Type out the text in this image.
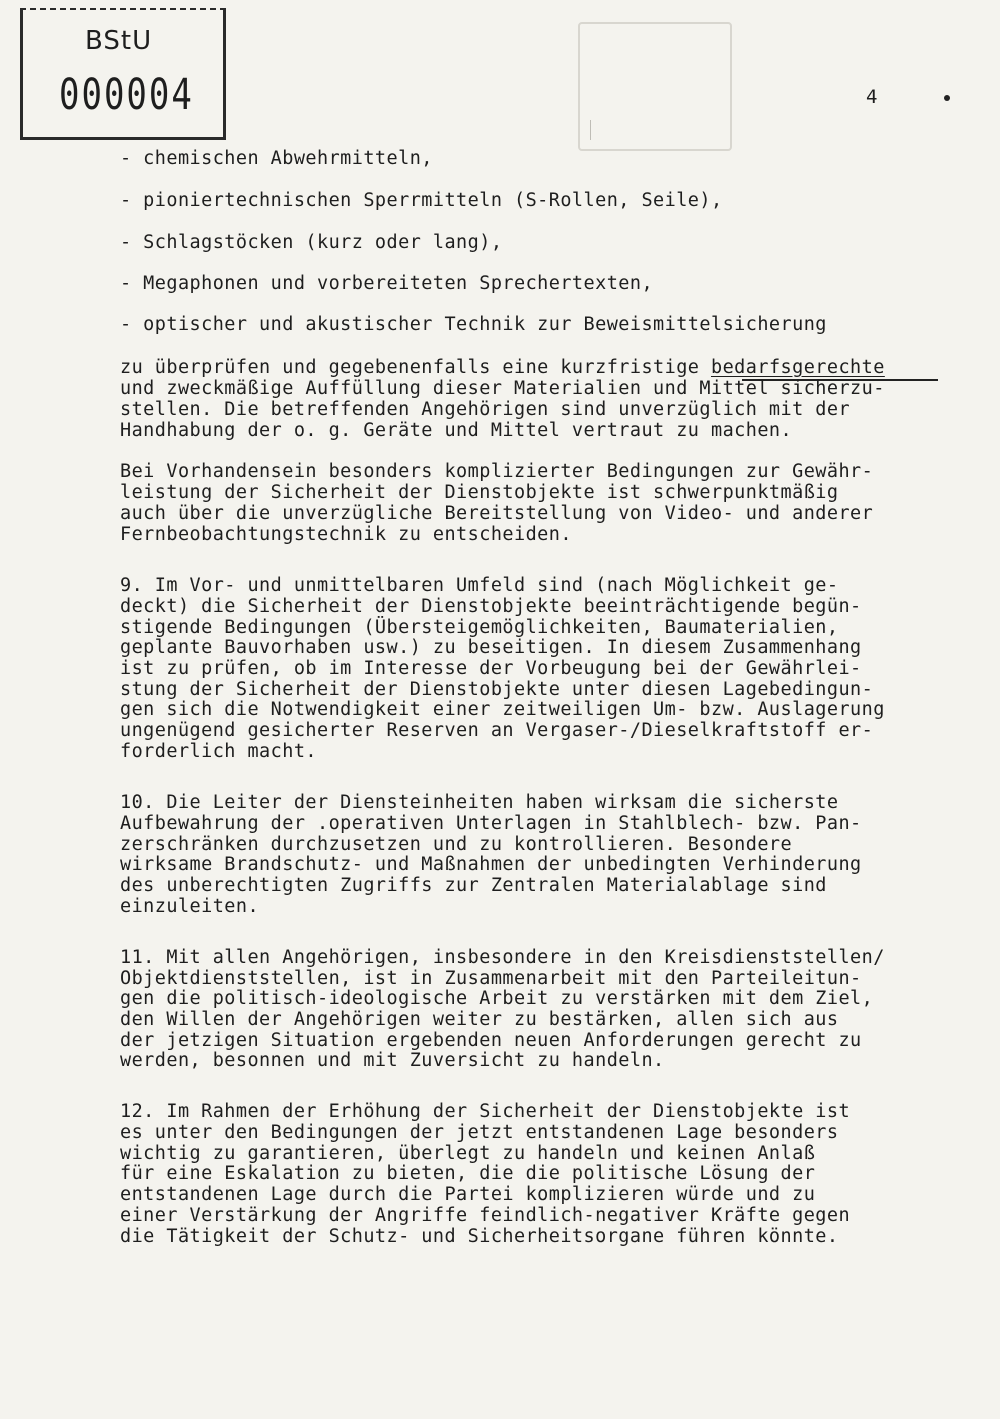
BStU
000004	4
- chemischen Abwehrmitteln,
- pioniertechnischen Sperrmitteln (S-Rollen, Seile),
- Schlagstöcken (kurz oder lang),
- Megaphonen und vorbereiteten Sprechertexten,
- optischer und akustischer Technik zur Beweismittelsicherung
zu überprüfen und gegebenenfalls eine kurzfristige bedarfsgerechte
und zweckmäßige Auffüllung dieser Materialien und Mittel sicherzu-
stellen. Die betreffenden Angehörigen sind unverzüglich mit der
Handhabung der o. g. Geräte und Mittel vertraut zu machen.
Bei Vorhandensein besonders komplizierter Bedingungen zur Gewähr-
leistung der Sicherheit der Dienstobjekte ist schwerpunktmäßig
auch über die unverzügliche Bereitstellung von Video- und anderer
Fernbeobachtungstechnik zu entscheiden.
9. Im Vor- und unmittelbaren Umfeld sind (nach Möglichkeit ge-
deckt) die Sicherheit der Dienstobjekte beeinträchtigende begün-
stigende Bedingungen (Übersteigemöglichkeiten, Baumaterialien,
geplante Bauvorhaben usw.) zu beseitigen. In diesem Zusammenhang
ist zu prüfen, ob im Interesse der Vorbeugung bei der Gewährlei-
stung der Sicherheit der Dienstobjekte unter diesen Lagebedingun-
gen sich die Notwendigkeit einer zeitweiligen Um- bzw. Auslagerung
ungenügend gesicherter Reserven an Vergaser-/Dieselkraftstoff er-
forderlich macht.
10. Die Leiter der Diensteinheiten haben wirksam die sicherste
Aufbewahrung der .operativen Unterlagen in Stahlblech- bzw. Pan-
zerschränken durchzusetzen und zu kontrollieren. Besondere
wirksame Brandschutz- und Maßnahmen der unbedingten Verhinderung
des unberechtigten Zugriffs zur Zentralen Materialablage sind
einzuleiten.
11. Mit allen Angehörigen, insbesondere in den Kreisdienststellen/
Objektdienststellen, ist in Zusammenarbeit mit den Parteileitun-
gen die politisch-ideologische Arbeit zu verstärken mit dem Ziel,
den Willen der Angehörigen weiter zu bestärken, allen sich aus
der jetzigen Situation ergebenden neuen Anforderungen gerecht zu
werden, besonnen und mit Zuversicht zu handeln.
12. Im Rahmen der Erhöhung der Sicherheit der Dienstobjekte ist
es unter den Bedingungen der jetzt entstandenen Lage besonders
wichtig zu garantieren, überlegt zu handeln und keinen Anlaß
für eine Eskalation zu bieten, die die politische Lösung der
entstandenen Lage durch die Partei komplizieren würde und zu
einer Verstärkung der Angriffe feindlich-negativer Kräfte gegen
die Tätigkeit der Schutz- und Sicherheitsorgane führen könnte.
